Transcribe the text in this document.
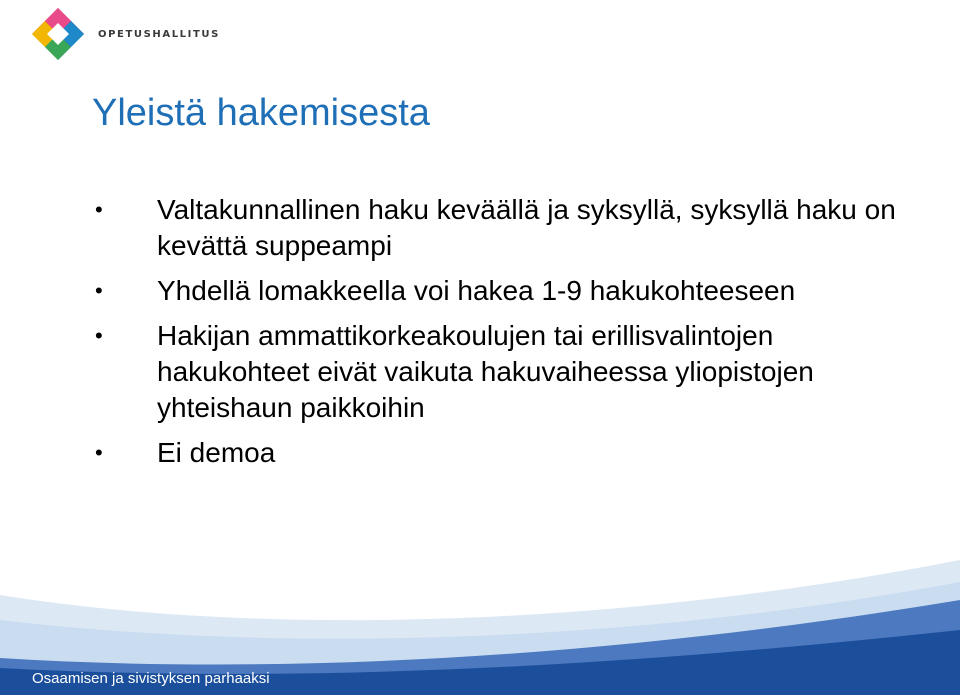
OPETUSHALLITUS
Yleistä hakemisesta
•	Valtakunnallinen haku keväällä ja syksyllä, syksyllä haku on kevättä suppeampi
•	Yhdellä lomakkeella voi hakea 1-9 hakukohteeseen
•	Hakijan ammattikorkeakoulujen tai erillisvalintojen hakukohteet eivät vaikuta hakuvaiheessa yliopistojen yhteishaun paikkoihin
•	Ei demoa
Osaamisen ja sivistyksen parhaaksi
